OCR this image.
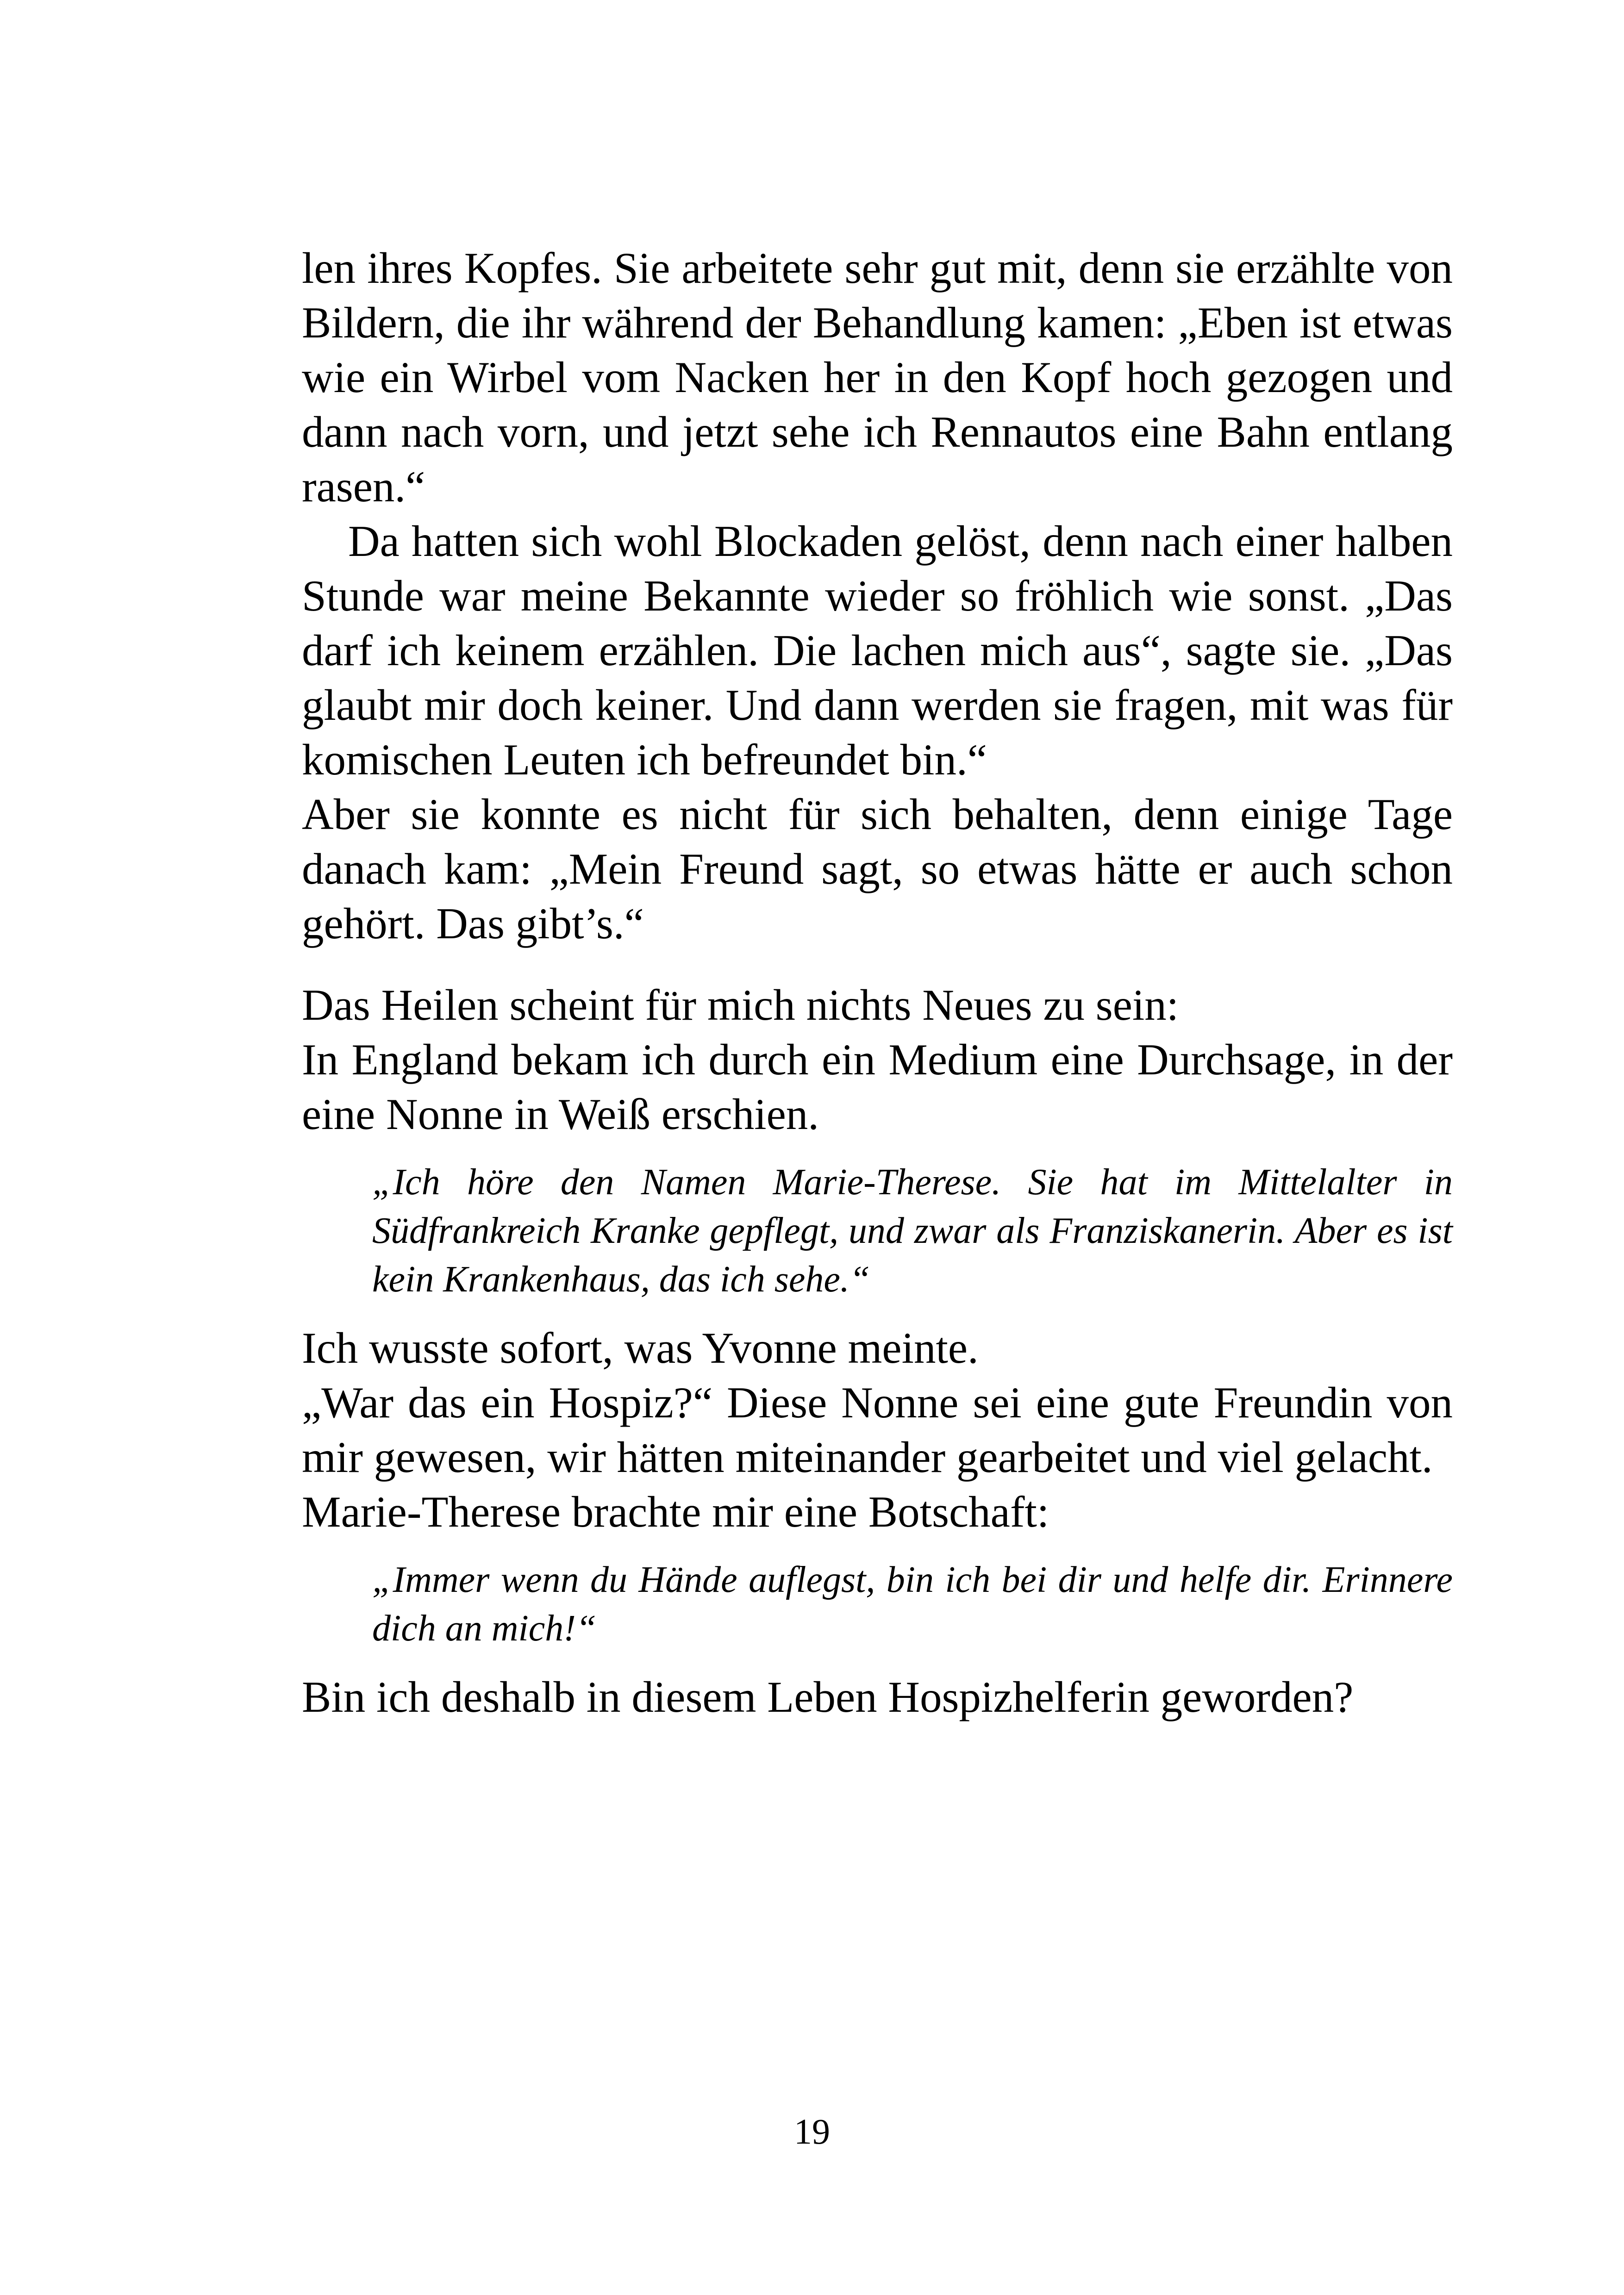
len ihres Kopfes. Sie arbeitete sehr gut mit, denn sie erzählte von Bildern, die ihr während der Behandlung kamen: „Eben ist etwas wie ein Wirbel vom Nacken her in den Kopf hoch gezogen und dann nach vorn, und jetzt sehe ich Rennautos eine Bahn entlang rasen.“

Da hatten sich wohl Blockaden gelöst, denn nach einer halben Stunde war meine Bekannte wieder so fröhlich wie sonst. „Das darf ich keinem erzählen. Die lachen mich aus“, sagte sie. „Das glaubt mir doch keiner. Und dann werden sie fragen, mit was für komischen Leuten ich befreundet bin.“

Aber sie konnte es nicht für sich behalten, denn einige Tage danach kam: „Mein Freund sagt, so etwas hätte er auch schon gehört. Das gibt’s.“

Das Heilen scheint für mich nichts Neues zu sein:

In England bekam ich durch ein Medium eine Durchsage, in der eine Nonne in Weiß erschien.

„Ich höre den Namen Marie-Therese. Sie hat im Mittelalter in Südfrankreich Kranke gepflegt, und zwar als Franziskanerin. Aber es ist kein Krankenhaus, das ich sehe.“

Ich wusste sofort, was Yvonne meinte.

„War das ein Hospiz?“ Diese Nonne sei eine gute Freundin von mir gewesen, wir hätten miteinander gearbeitet und viel gelacht.

Marie-Therese brachte mir eine Botschaft:

„Immer wenn du Hände auflegst, bin ich bei dir und helfe dir. Erinnere dich an mich!“

Bin ich deshalb in diesem Leben Hospizhelferin geworden?

19
